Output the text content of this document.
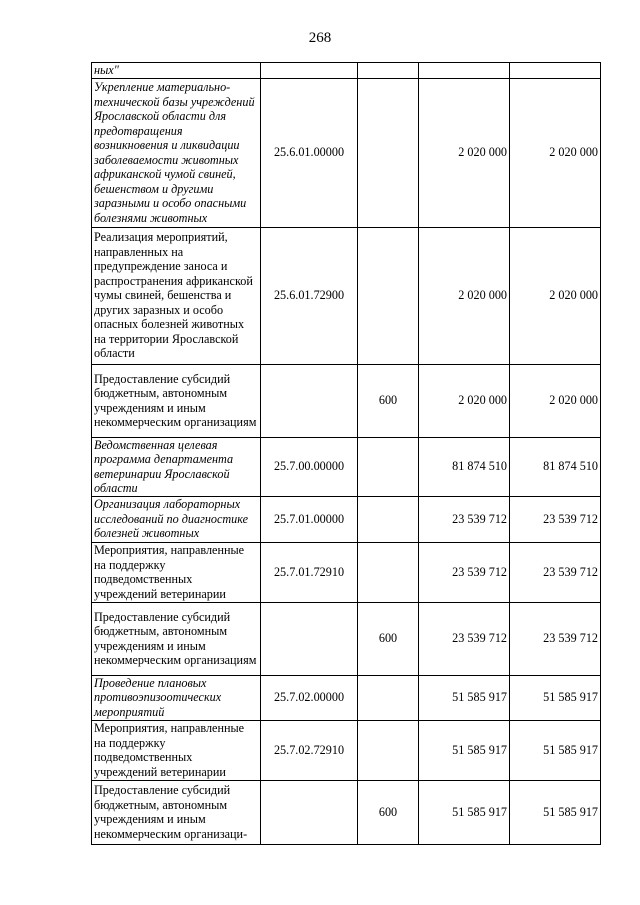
268
ных"				
Укрепление материально-технической базы учреждений Ярославской области для предотвращения возникновения и ликвидации заболеваемости животных африканской чумой свиней, бешенством и другими заразными и особо опасными болезнями животных	25.6.01.00000		2 020 000	2 020 000
Реализация мероприятий, направленных на предупреждение заноса и распространения африканской чумы свиней, бешенства и других заразных и особо опасных болезней животных на территории Ярославской области	25.6.01.72900		2 020 000	2 020 000
Предоставление субсидий бюджетным, автономным учреждениям и иным некоммерческим организациям		600	2 020 000	2 020 000
Ведомственная целевая программа департамента ветеринарии Ярославской области	25.7.00.00000		81 874 510	81 874 510
Организация лабораторных исследований по диагностике болезней животных	25.7.01.00000		23 539 712	23 539 712
Мероприятия, направленные на поддержку подведомственных учреждений ветеринарии	25.7.01.72910		23 539 712	23 539 712
Предоставление субсидий бюджетным, автономным учреждениям и иным некоммерческим организациям		600	23 539 712	23 539 712
Проведение плановых противоэпизоотических мероприятий	25.7.02.00000		51 585 917	51 585 917
Мероприятия, направленные на поддержку подведомственных учреждений ветеринарии	25.7.02.72910		51 585 917	51 585 917
Предоставление субсидий бюджетным, автономным учреждениям и иным некоммерческим организаци-		600	51 585 917	51 585 917
